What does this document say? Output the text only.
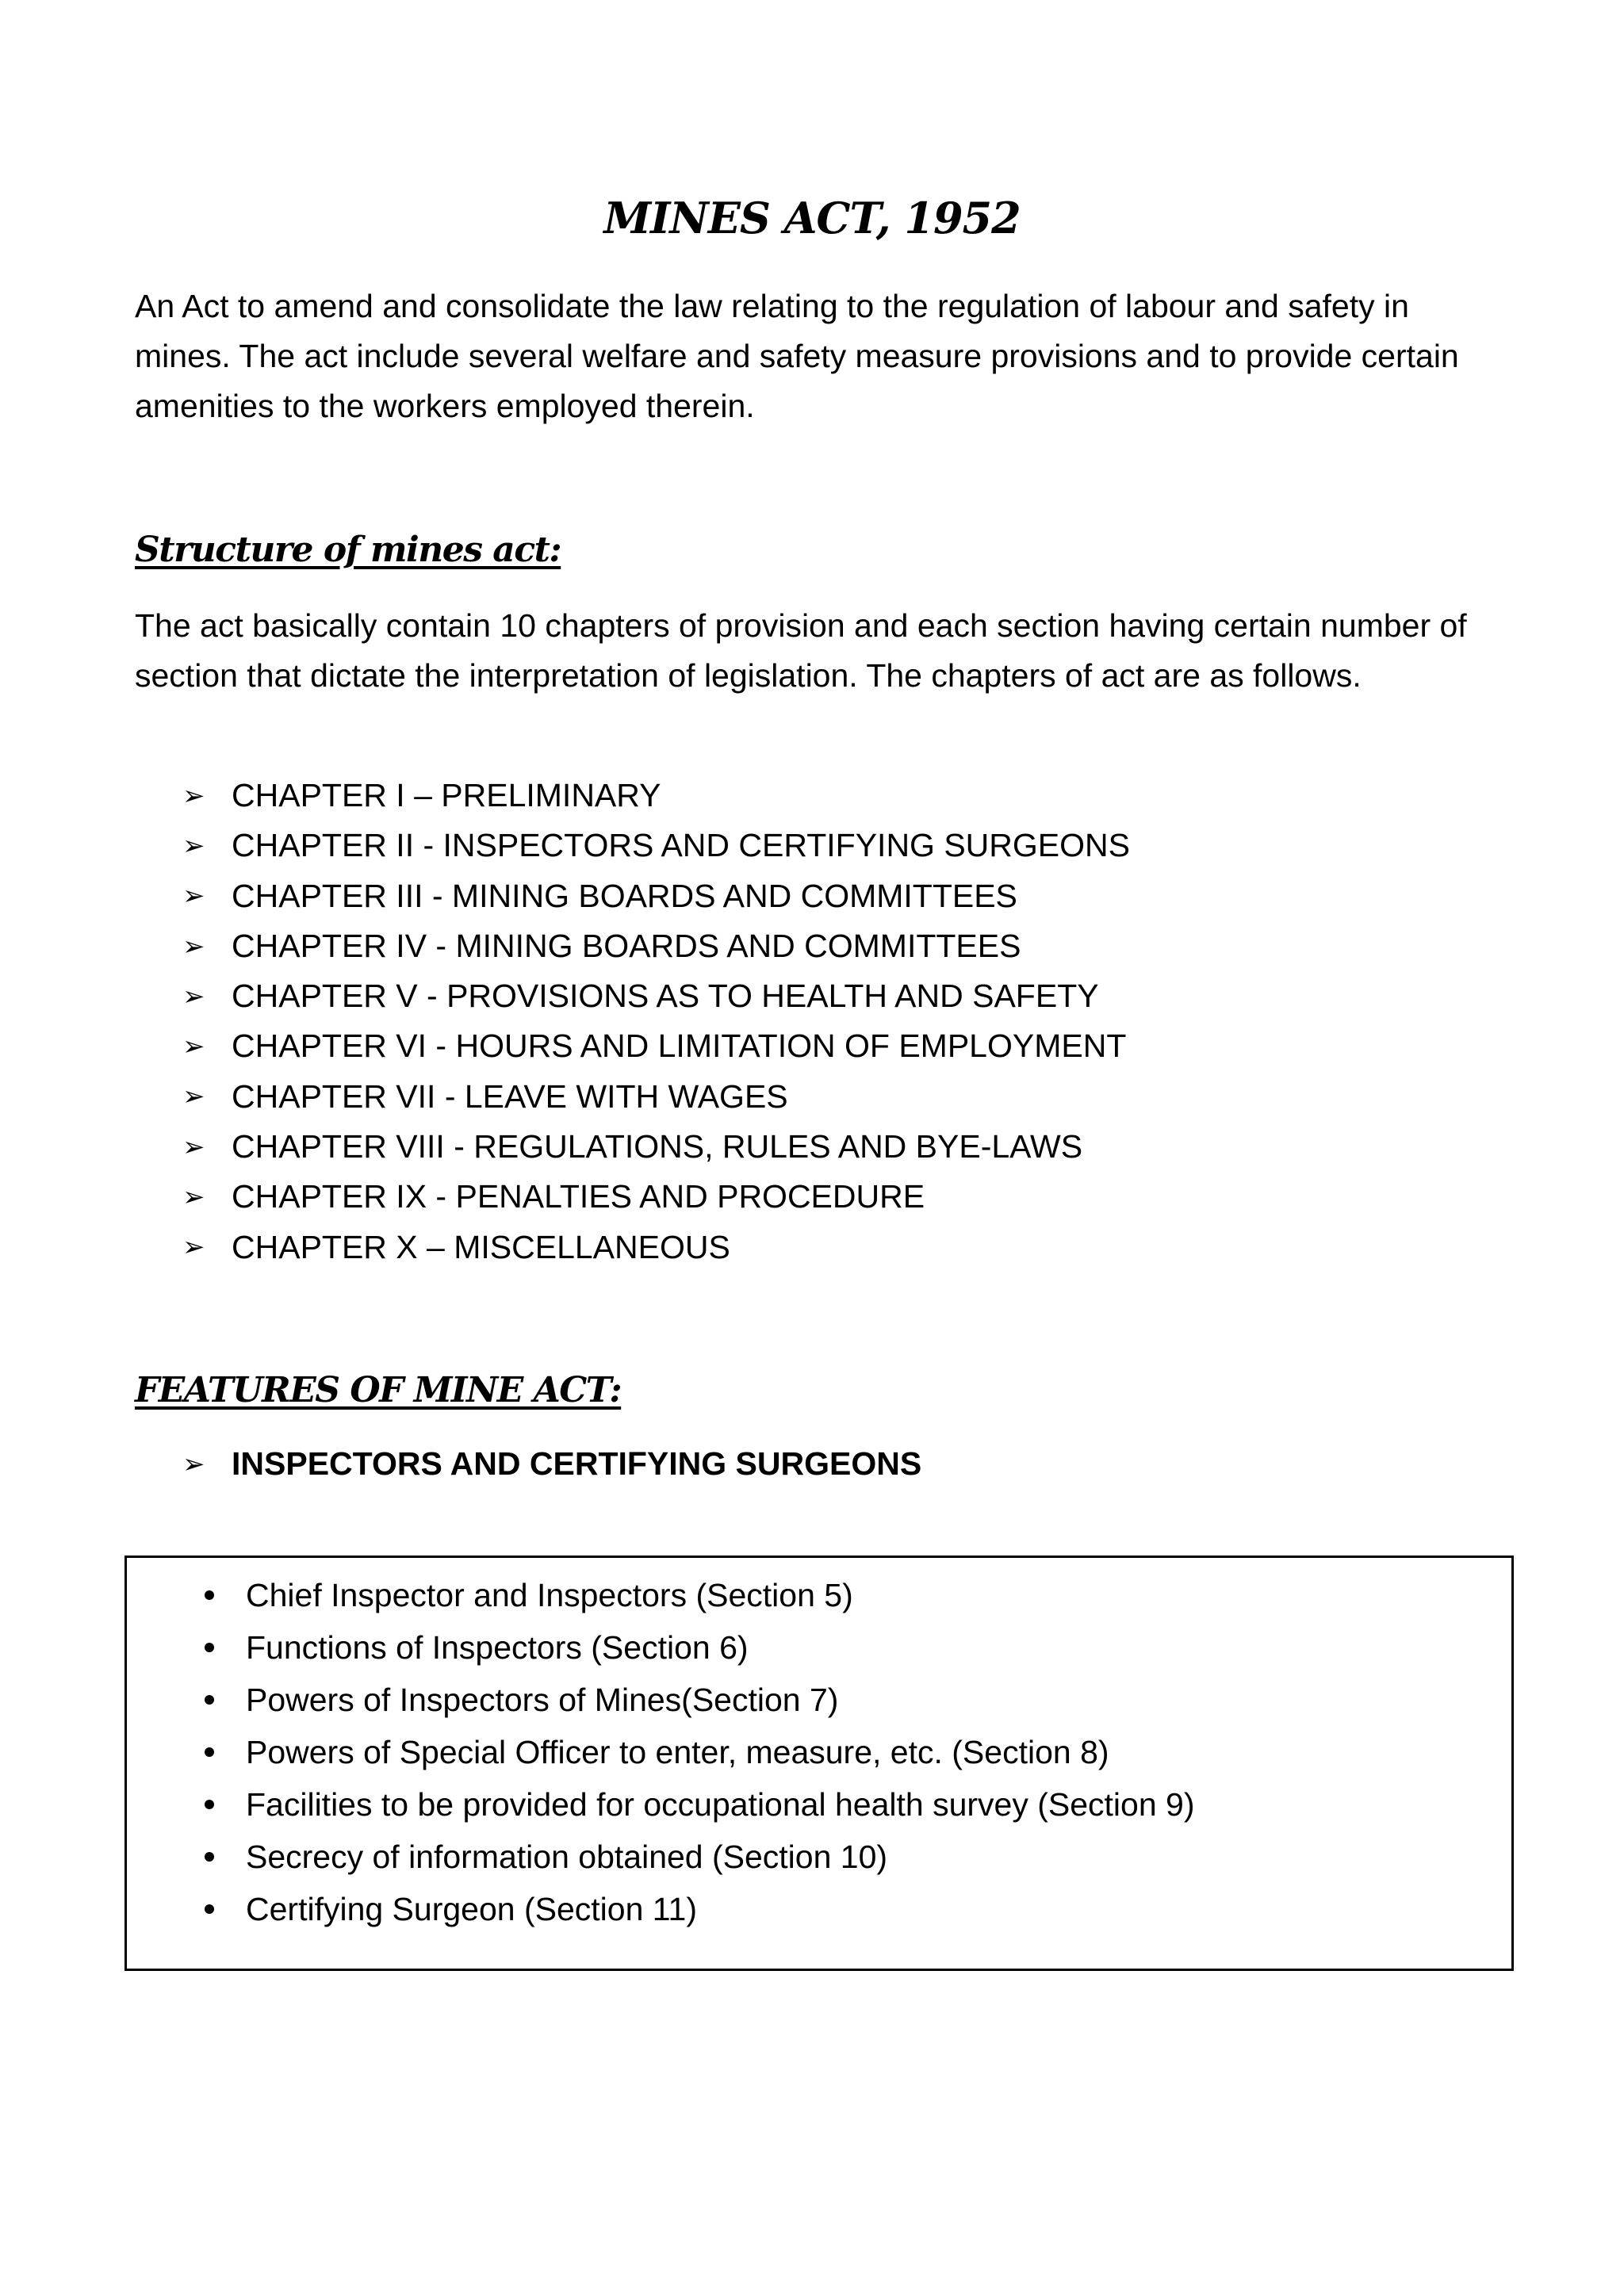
MINES ACT, 1952

An Act to amend and consolidate the law relating to the regulation of labour and safety in mines. The act include several welfare and safety measure provisions and to provide certain amenities to the workers employed therein.

Structure of mines act:

The act basically contain 10 chapters of provision and each section having certain number of section that dictate the interpretation of legislation. The chapters of act are as follows.

➢ CHAPTER I – PRELIMINARY
➢ CHAPTER II - INSPECTORS AND CERTIFYING SURGEONS
➢ CHAPTER III - MINING BOARDS AND COMMITTEES
➢ CHAPTER IV - MINING BOARDS AND COMMITTEES
➢ CHAPTER V - PROVISIONS AS TO HEALTH AND SAFETY
➢ CHAPTER VI - HOURS AND LIMITATION OF EMPLOYMENT
➢ CHAPTER VII - LEAVE WITH WAGES
➢ CHAPTER VIII - REGULATIONS, RULES AND BYE-LAWS
➢ CHAPTER IX - PENALTIES AND PROCEDURE
➢ CHAPTER X – MISCELLANEOUS
FEATURES OF MINE ACT:
➢ INSPECTORS AND CERTIFYING SURGEONS
Chief Inspector and Inspectors (Section 5)
Functions of Inspectors (Section 6)
Powers of Inspectors of Mines(Section 7)
Powers of Special Officer to enter, measure, etc. (Section 8)
Facilities to be provided for occupational health survey (Section 9)
Secrecy of information obtained (Section 10)
Certifying Surgeon (Section 11)
